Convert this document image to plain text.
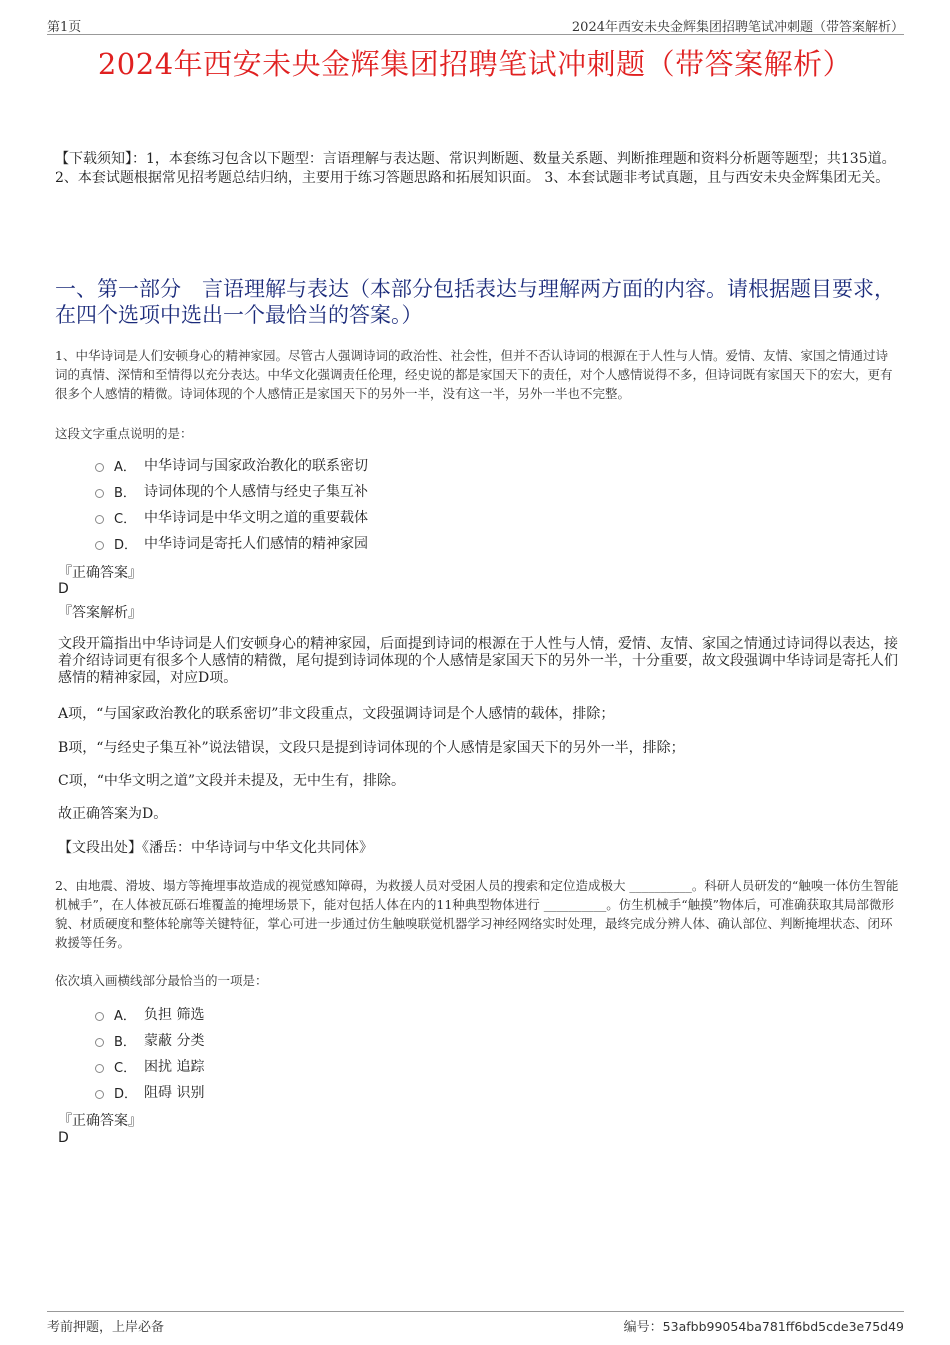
第1页	2024年西安未央金辉集团招聘笔试冲刺题（带答案解析）
2024年西安未央金辉集团招聘笔试冲刺题（带答案解析）
【下载须知】：1，本套练习包含以下题型：言语理解与表达题、常识判断题、数量关系题、判断推理题和资料分析题等题型；共135道。 2、本套试题根据常见招考题总结归纳，主要用于练习答题思路和拓展知识面。 3、本套试题非考试真题，且与西安未央金辉集团无关。
一、第一部分　言语理解与表达（本部分包括表达与理解两方面的内容。请根据题目要求，在四个选项中选出一个最恰当的答案。）
1、中华诗词是人们安顿身心的精神家园。尽管古人强调诗词的政治性、社会性，但并不否认诗词的根源在于人性与人情。爱情、友情、家国之情通过诗词的真情、深情和至情得以充分表达。中华文化强调责任伦理，经史说的都是家国天下的责任，对个人感情说得不多，但诗词既有家国天下的宏大，更有很多个人感情的精微。诗词体现的个人感情正是家国天下的另外一半，没有这一半，另外一半也不完整。
这段文字重点说明的是：
A． 中华诗词与国家政治教化的联系密切
B． 诗词体现的个人感情与经史子集互补
C． 中华诗词是中华文明之道的重要载体
D． 中华诗词是寄托人们感情的精神家园
『正确答案』
D
『答案解析』

文段开篇指出中华诗词是人们安顿身心的精神家园，后面提到诗词的根源在于人性与人情，爱情、友情、家国之情通过诗词得以表达，接着介绍诗词更有很多个人感情的精微，尾句提到诗词体现的个人感情是家国天下的另外一半，十分重要，故文段强调中华诗词是寄托人们感情的精神家园，对应D项。

A项，“与国家政治教化的联系密切”非文段重点，文段强调诗词是个人感情的载体，排除；

B项，“与经史子集互补”说法错误，文段只是提到诗词体现的个人感情是家国天下的另外一半，排除；

C项，“中华文明之道”文段并未提及，无中生有，排除。

故正确答案为D。

【文段出处】《潘岳：中华诗词与中华文化共同体》

2、由地震、滑坡、塌方等掩埋事故造成的视觉感知障碍，为救援人员对受困人员的搜索和定位造成极大 __________。科研人员研发的“触嗅一体仿生智能机械手”，在人体被瓦砾石堆覆盖的掩埋场景下，能对包括人体在内的11种典型物体进行 __________。仿生机械手“触摸”物体后，可准确获取其局部微形貌、材质硬度和整体轮廓等关键特征，掌心可进一步通过仿生触嗅联觉机器学习神经网络实时处理，最终完成分辨人体、确认部位、判断掩埋状态、闭环救援等任务。
依次填入画横线部分最恰当的一项是：
A． 负担 筛选
B． 蒙蔽 分类
C． 困扰 追踪
D． 阻碍 识别
『正确答案』
D
考前押题，上岸必备	编号：53afbb99054ba781ff6bd5cde3e75d49
